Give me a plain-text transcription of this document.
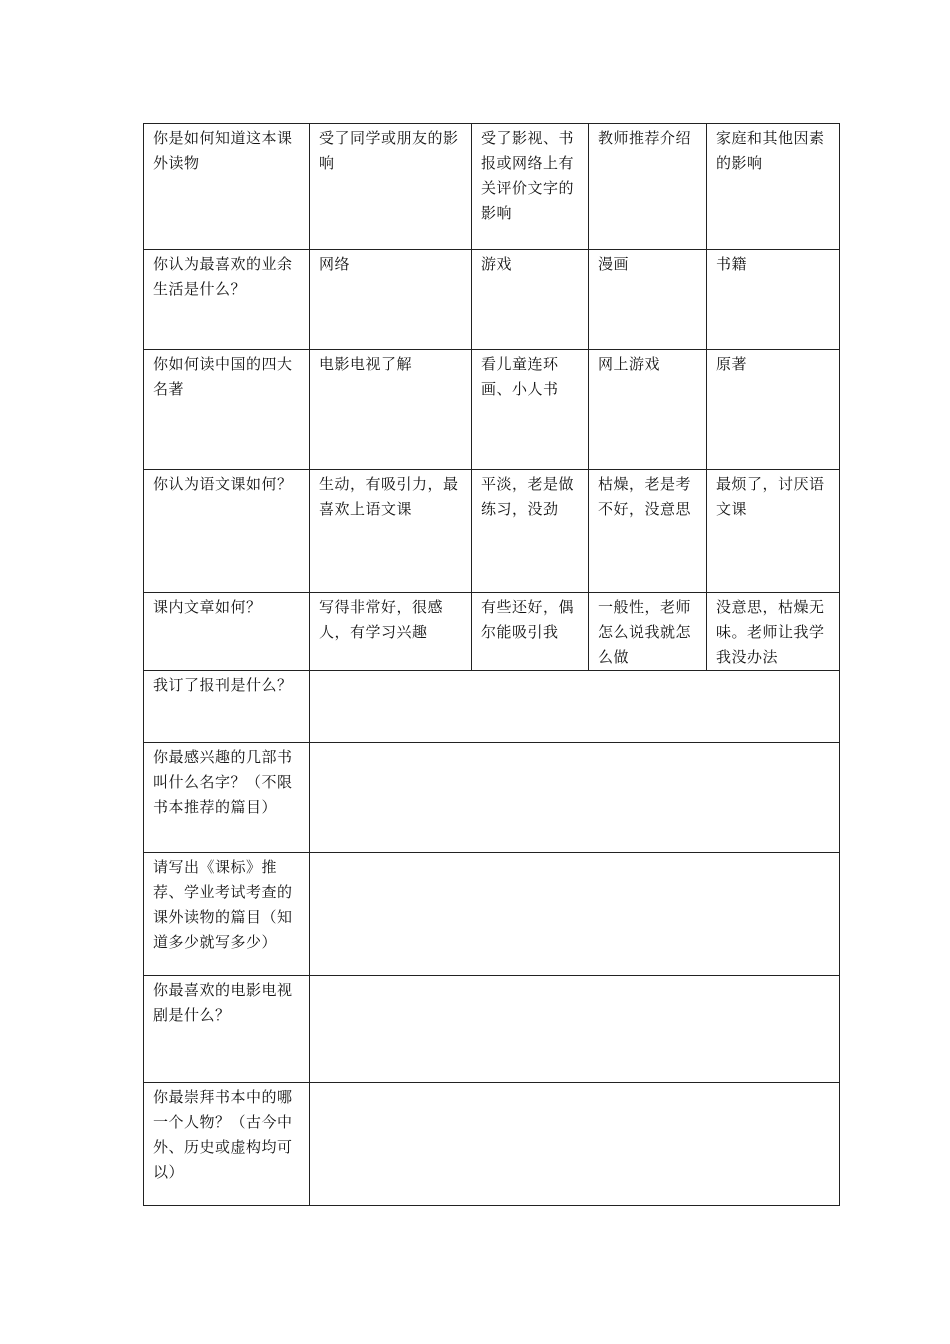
你是如何知道这本课外读物	受了同学或朋友的影响	受了影视、书报或网络上有关评价文字的影响	教师推荐介绍	家庭和其他因素的影响
你认为最喜欢的业余生活是什么？	网络	游戏	漫画	书籍
你如何读中国的四大名著	电影电视了解	看儿童连环画、小人书	网上游戏	原著
你认为语文课如何？	生动，有吸引力，最喜欢上语文课	平淡，老是做练习，没劲	枯燥，老是考不好，没意思	最烦了，讨厌语文课
课内文章如何？	写得非常好，很感人，有学习兴趣	有些还好，偶尔能吸引我	一般性，老师怎么说我就怎么做	没意思，枯燥无味。老师让我学我没办法
我订了报刊是什么？				
你最感兴趣的几部书叫什么名字？（不限书本推荐的篇目）				
请写出《课标》推荐、学业考试考查的课外读物的篇目（知道多少就写多少）				
你最喜欢的电影电视剧是什么？				
你最崇拜书本中的哪一个人物？（古今中外、历史或虚构均可以）				
